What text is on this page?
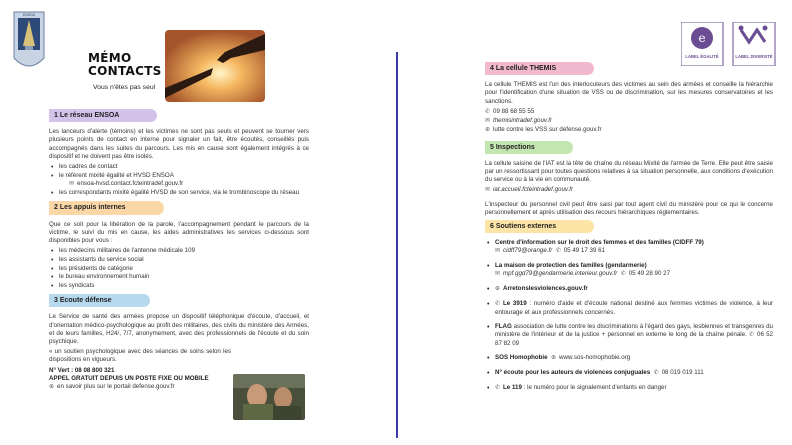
ENSOA
MÉMO
CONTACTS
Vous n'êtes pas seul
e
LABEL ÉGALITÉ	LABEL DIVERSITÉ
1 Le réseau ENSOA

Les lanceurs d'alerte (témoins) et les victimes ne sont pas seuls et peuvent se tourner vers plusieurs points de contact en interne pour signaler un fait, être écoutés, conseillés puis accompagnés dans les suites du parcours. Les mis en cause sont également intégrés à ce dispositif et ne doivent pas être isolés.

• les cadres de contact
• le référent mixité égalité et HVSD ENSOA
✉ ensoa-hvsd.contact.fcteintradef.gouv.fr
• les correspondants mixité égalité HVSD de son service, via le trombinoscope du réseau
2 Les appuis internes

Que ce soit pour la libération de la parole, l'accompagnement pendant le parcours de la victime, le suivi du mis en cause, les aides administratives les services ci-dessous sont disponibles pour vous :

• les médecins militaires de l'antenne médicale 109
• les assistants du service social
• les présidents de catégorie
• le bureau environnement humain
• les syndicats
3 Ecoute défense

Le Service de santé des armées propose un dispositif téléphonique d'écoute, d'accueil, et d'orientation médico-psychologique au profit des militaires, des civils du ministère des Armées, et de leurs familles, H24/, 7/7, anonymement, avec des professionnels de l'écoute et du soin psychique.

« un soutien psychologique avec des séances de soins selon les dispositions en vigueurs.

N° Vert : 08 08 800 321
APPEL GRATUIT DEPUIS UN POSTE FIXE OU MOBILE
⊕ en savoir plus sur le portail defense.gouv.fr
4 La cellule THEMIS

La cellule THEMIS est l'un des interlocuteurs des victimes au sein des armées et conseille la hiérarchie pour l'identification d'une situation de VSS ou de discrimination, sur les mesures conservatoires et les sanctions.

✆ 09 88 68 55 55
✉ themisintradef.gouv.fr
⊕ lutte contre les VSS sur defense.gouv.fr
5 Inspections

La cellule saisine de l'IAT est la tête de chaîne du réseau Mixité de l'armée de Terre. Elle peut être saisie par un ressortissant pour toutes questions relatives à sa situation personnelle, aux conditions d'exécution du service ou à la vie en communauté.

✉ iat.accueil.fcteintradef.gouv.fr

L'inspecteur du personnel civil peut être saisi par tout agent civil du ministère pour ce qui le concerne personnellement et après utilisation des recours hiérarchiques réglementaires.

6 Soutiens externes
• Centre d'information sur le droit des femmes et des familles (CIDFF 79)
✉ cidff79@orange.fr ✆ 05 49 17 39 61
• La maison de protection des familles (gendarmerie)
✉ mpf.ggd79@gendarmerie.interieur.gouv.fr ✆ 05 49 28 90 27
• ⊕ Arretonslesviolences.gouv.fr
• ✆ Le 3919 : numéro d'aide et d'écoute national destiné aux femmes victimes de violence, à leur entourage et aux professionnels concernés.
• FLAG association de lutte contre les discriminations à l'égard des gays, lesbiennes et transgenres du ministère de l'intérieur et de la justice + personnel en externe le long de la chaîne pénale. ✆ 06 52 87 82 09
• SOS Homophobie ⊕ www.sos-homophobie.org
• N° écoute pour les auteurs de violences conjuguales ✆ 08 019 019 111
• ✆ Le 119 : le numéro pour le signalement d'enfants en danger
